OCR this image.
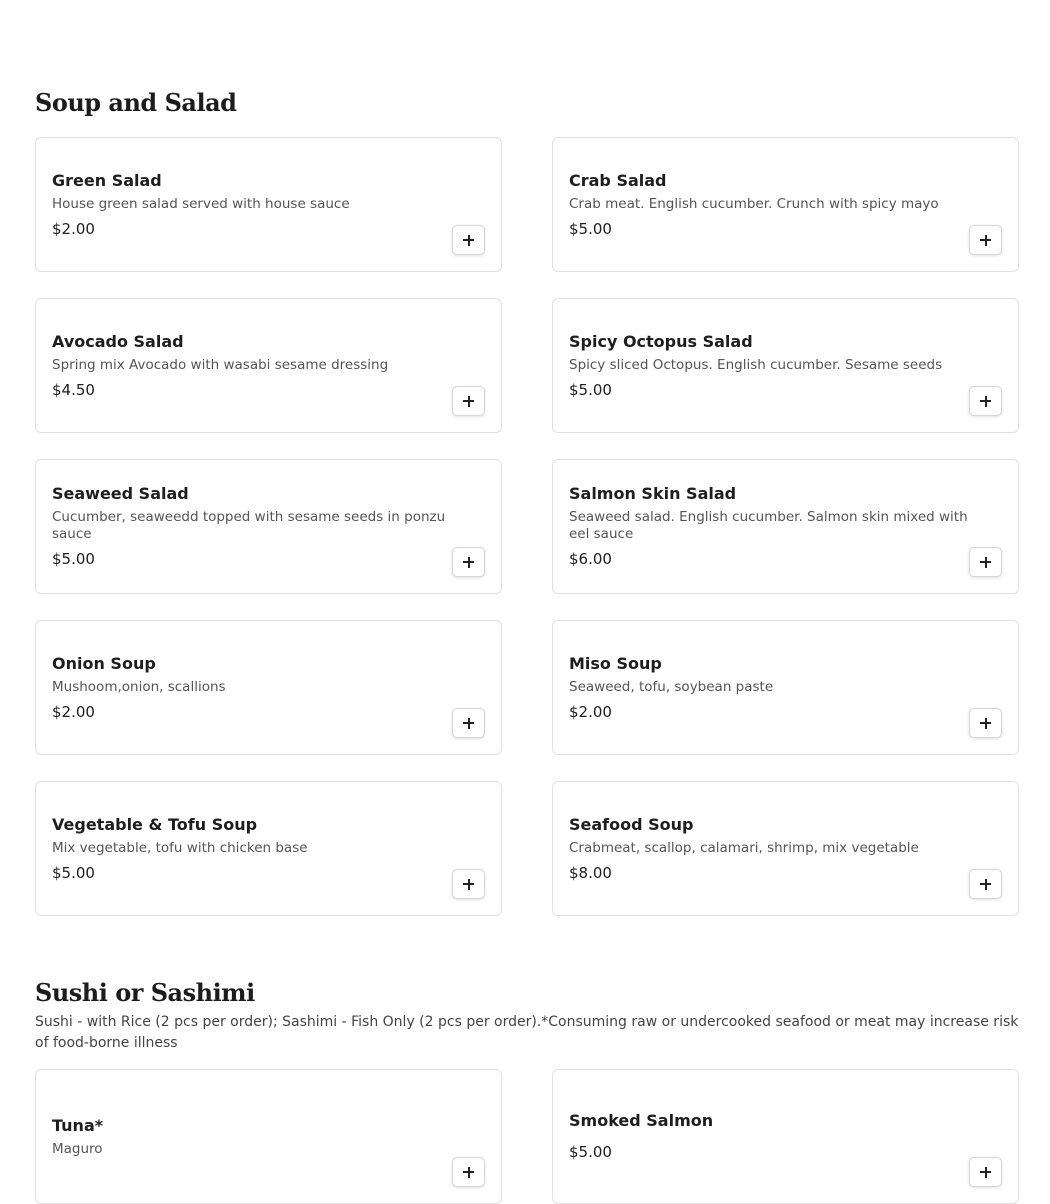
Soup and Salad
Green Salad
House green salad served with house sauce
$2.00
Crab Salad
Crab meat. English cucumber. Crunch with spicy mayo
$5.00
Avocado Salad
Spring mix Avocado with wasabi sesame dressing
$4.50
Spicy Octopus Salad
Spicy sliced Octopus. English cucumber. Sesame seeds
$5.00
Seaweed Salad
Cucumber, seaweedd topped with sesame seeds in ponzu sauce
$5.00
Salmon Skin Salad
Seaweed salad. English cucumber. Salmon skin mixed with eel sauce
$6.00
Onion Soup
Mushoom,onion, scallions
$2.00
Miso Soup
Seaweed, tofu, soybean paste
$2.00
Vegetable & Tofu Soup
Mix vegetable, tofu with chicken base
$5.00
Seafood Soup
Crabmeat, scallop, calamari, shrimp, mix vegetable
$8.00
Sushi or Sashimi

Sushi - with Rice (2 pcs per order); Sashimi - Fish Only (2 pcs per order).*Consuming raw or undercooked seafood or meat may increase risk of food-borne illness

Tuna*
Maguro
Smoked Salmon
$5.00
